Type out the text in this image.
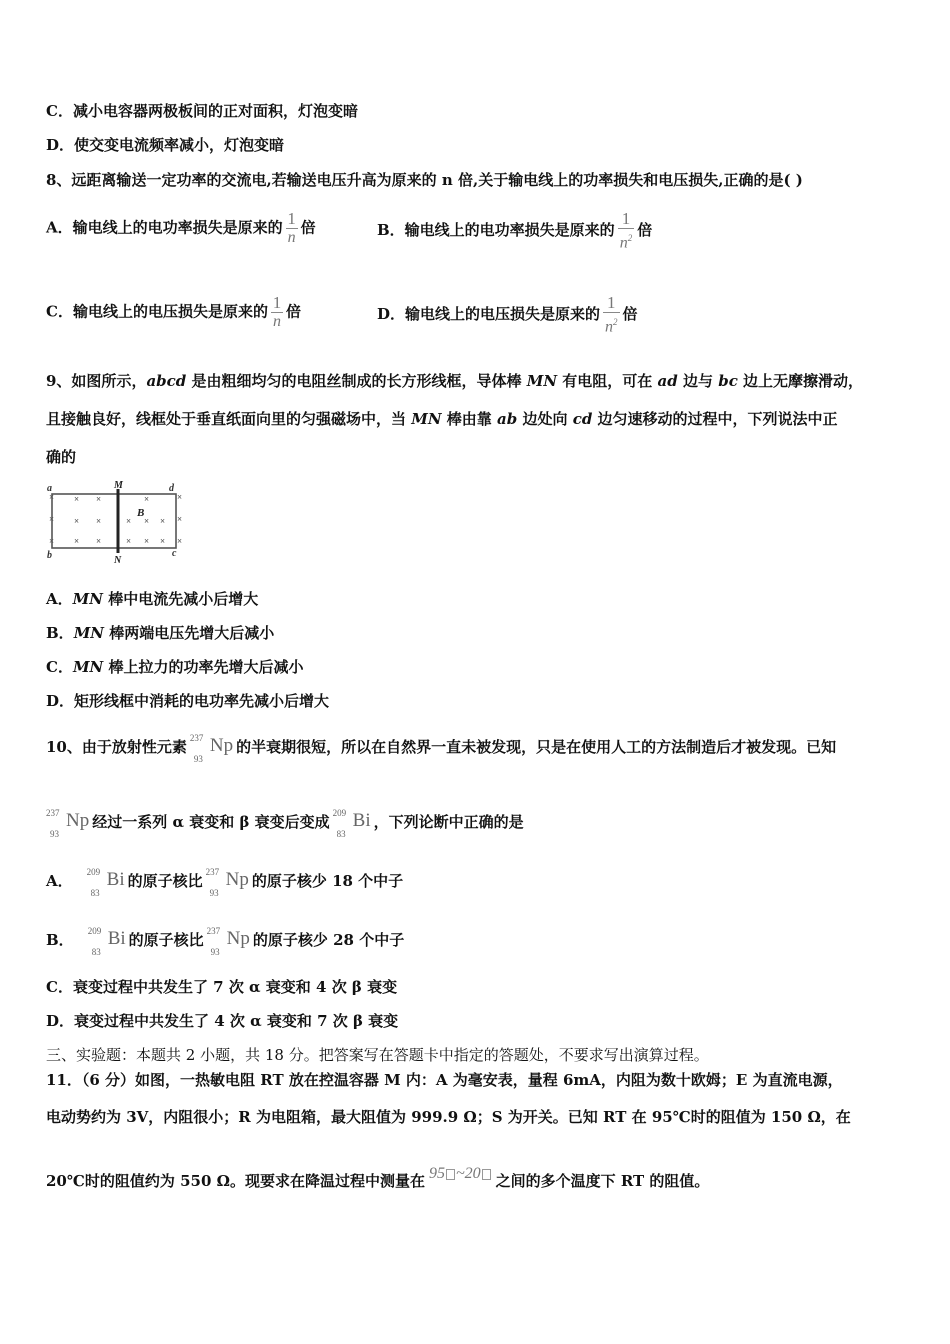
C．减小电容器两极板间的正对面积，灯泡变暗
D．使交变电流频率减小，灯泡变暗
8、远距离输送一定功率的交流电,若输送电压升高为原来的 n 倍,关于输电线上的功率损失和电压损失,正确的是( )
A．输电线上的电功率损失是原来的 $\frac{1}{n}$ 倍	B．输电线上的电功率损失是原来的 $\frac{1}{n^2}$ 倍
C．输电线上的电压损失是原来的 $\frac{1}{n}$ 倍	D．输电线上的电压损失是原来的 $\frac{1}{n^2}$ 倍
9、如图所示，abcd 是由粗细均匀的电阻丝制成的长方形线框，导体棒 MN 有电阻，可在 ad 边与 bc 边上无摩擦滑动，
且接触良好，线框处于垂直纸面向里的匀强磁场中，当 MN 棒由靠 ab 边处向 cd 边匀速移动的过程中，下列说法中正
确的
a
b	c
d
M
N
B
×	×
×	×
×	×
× ×	×
× ×	× × ×
× ×	× × ×
A．MN 棒中电流先减小后增大
B．MN 棒两端电压先增大后减小
C．MN 棒上拉力的功率先增大后减小
D．矩形线框中消耗的电功率先减小后增大
10、由于放射性元素 237
93
Np 的半衰期很短，所以在自然界一直未被发现，只是在使用人工的方法制造后才被发现。已知
237
93
Np 经过一系列 α 衰变和 β 衰变后变成 209
83
Bi ，下列论断中正确的是
A． 209
83
Bi 的原子核比 237
93
Np 的原子核少 18 个中子
B． 209
83
Bi 的原子核比 237
93
Np 的原子核少 28 个中子
C．衰变过程中共发生了 7 次 α 衰变和 4 次 β 衰变
D．衰变过程中共发生了 4 次 α 衰变和 7 次 β 衰变
三、实验题：本题共 2 小题，共 18 分。把答案写在答题卡中指定的答题处，不要求写出演算过程。
11．（6 分）如图，一热敏电阻 RT 放在控温容器 M 内：A 为毫安表，量程 6mA，内阻为数十欧姆；E 为直流电源，
电动势约为 3V，内阻很小；R 为电阻箱，最大阻值为 999.9 Ω；S 为开关。已知 RT 在 95℃时的阻值为 150 Ω，在
20℃时的阻值约为 550 Ω。现要求在降温过程中测量在 95 ~20 之间的多个温度下 RT 的阻值。
